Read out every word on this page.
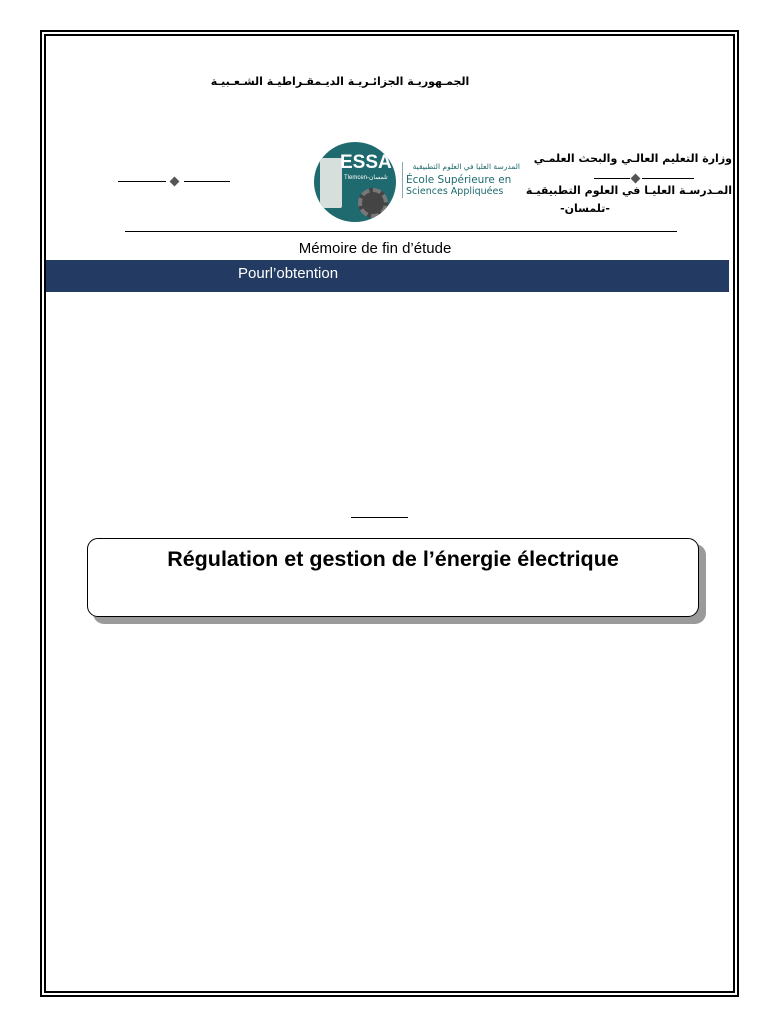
الجمـهوريـة الجزائـريـة الديـمقـراطيـة الشـعـبيـة
ESSA
Tlemcen-تلمسان
المدرسة العليا في العلوم التطبيقية
École Supérieure en
Sciences Appliquées
وزارة التعليم العالـي والبحث العلمـي
المـدرسـة العليـا في العلوم التطبيقيـة
-تلمسان-
Mémoire de fin d’étude
Pourl’obtention
Régulation et gestion de l’énergie électrique
